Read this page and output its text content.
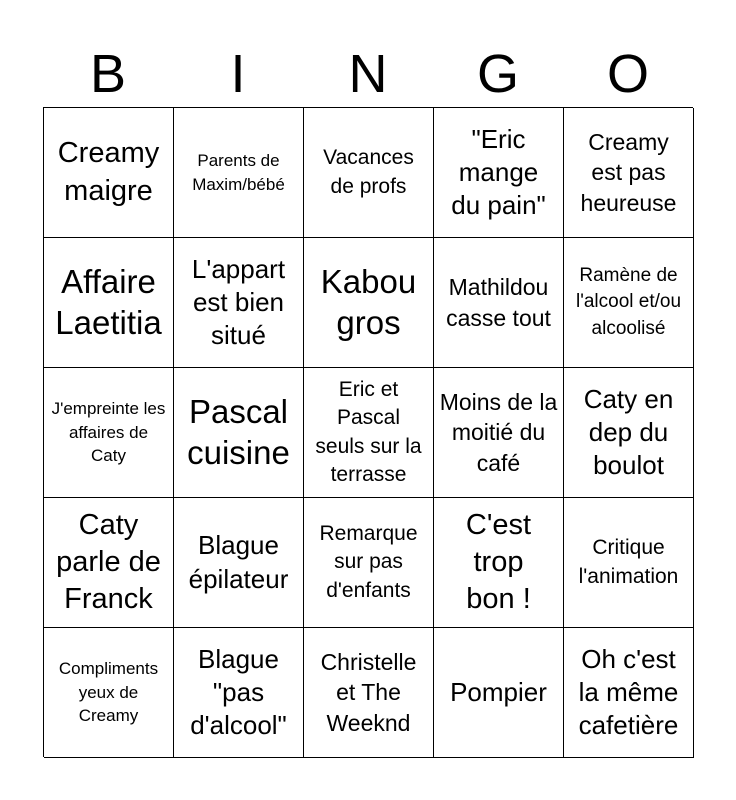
B	I	N	G	O
Creamy maigre
Parents de Maxim/bébé
Vacances de profs
"Eric mange du pain"
Creamy est pas heureuse
Affaire Laetitia
L'appart est bien situé
Kabou gros
Mathildou casse tout
Ramène de l'alcool et/ou alcoolisé
J'empreinte les affaires de Caty
Pascal cuisine
Eric et Pascal seuls sur la terrasse
Moins de la moitié du café
Caty en dep du boulot
Caty parle de Franck
Blague épilateur
Remarque sur pas d'enfants
C'est trop bon !
Critique l'animation
Compliments yeux de Creamy
Blague "pas d'alcool"
Christelle et The Weeknd
Pompier
Oh c'est la même cafetière
